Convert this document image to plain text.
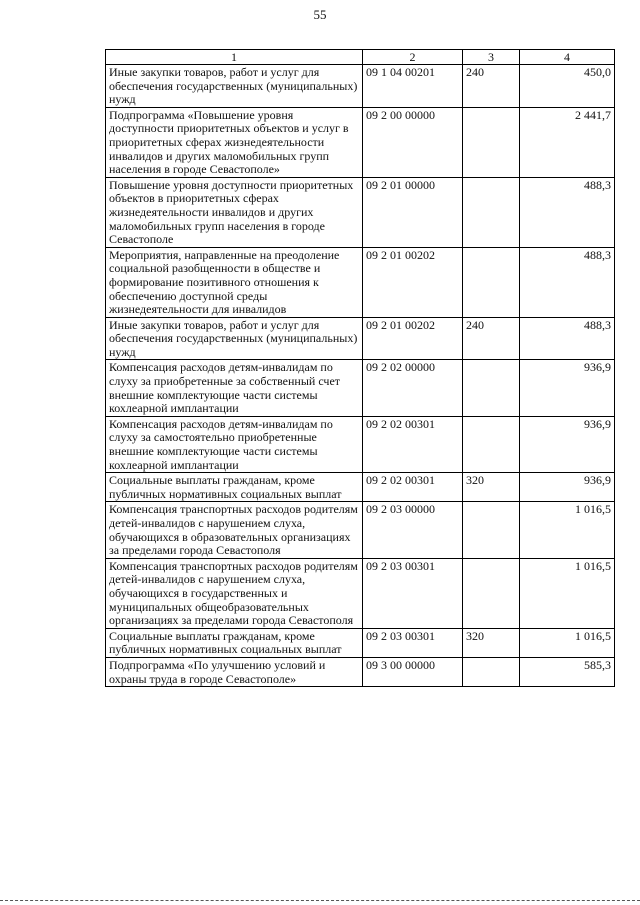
55
1	2	3	4
Иные закупки товаров, работ и услуг для обеспечения государственных (муниципальных) нужд	09 1 04 00201	240	450,0
Подпрограмма «Повышение уровня доступности приоритетных объектов и услуг в приоритетных сферах жизнедеятельности инвалидов и других маломобильных групп населения в городе Севастополе»	09 2 00 00000		2 441,7
Повышение уровня доступности приоритетных объектов в приоритетных сферах жизнедеятельности инвалидов и других маломобильных групп населения в городе Севастополе	09 2 01 00000		488,3
Мероприятия, направленные на преодоление социальной разобщенности в обществе и формирование позитивного отношения к обеспечению доступной среды жизнедеятельности для инвалидов	09 2 01 00202		488,3
Иные закупки товаров, работ и услуг для обеспечения государственных (муниципальных) нужд	09 2 01 00202	240	488,3
Компенсация расходов детям-инвалидам по слуху за приобретенные за собственный счет внешние комплектующие части системы кохлеарной имплантации	09 2 02 00000		936,9
Компенсация расходов детям-инвалидам по слуху за самостоятельно приобретенные внешние комплектующие части системы кохлеарной имплантации	09 2 02 00301		936,9
Социальные выплаты гражданам, кроме публичных нормативных социальных выплат	09 2 02 00301	320	936,9
Компенсация транспортных расходов родителям детей-инвалидов с нарушением слуха, обучающихся в образовательных организациях за пределами города Севастополя	09 2 03 00000		1 016,5
Компенсация транспортных расходов родителям детей-инвалидов с нарушением слуха, обучающихся в государственных и муниципальных общеобразовательных организациях за пределами города Севастополя	09 2 03 00301		1 016,5
Социальные выплаты гражданам, кроме публичных нормативных социальных выплат	09 2 03 00301	320	1 016,5
Подпрограмма «По улучшению условий и охраны труда в городе Севастополе»	09 3 00 00000		585,3
